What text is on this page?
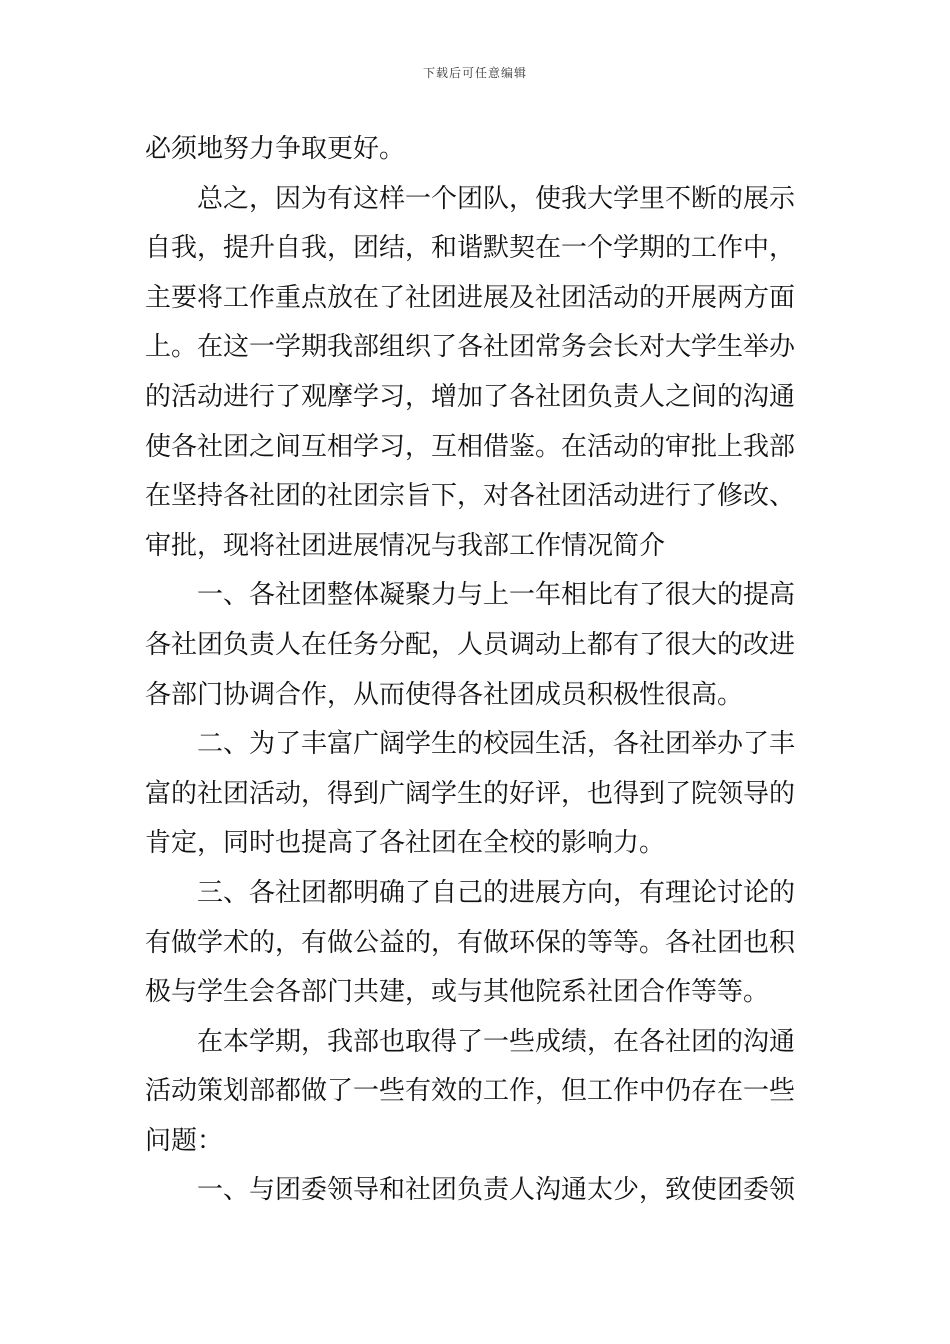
下载后可任意编辑

必须地努力争取更好。

总之，因为有这样一个团队，使我大学里不断的展示
自我，提升自我，团结，和谐默契在一个学期的工作中，
主要将工作重点放在了社团进展及社团活动的开展两方面
上。在这一学期我部组织了各社团常务会长对大学生举办
的活动进行了观摩学习，增加了各社团负责人之间的沟通
使各社团之间互相学习，互相借鉴。在活动的审批上我部
在坚持各社团的社团宗旨下，对各社团活动进行了修改、
审批，现将社团进展情况与我部工作情况简介

一、各社团整体凝聚力与上一年相比有了很大的提高
各社团负责人在任务分配，人员调动上都有了很大的改进
各部门协调合作，从而使得各社团成员积极性很高。

二、为了丰富广阔学生的校园生活，各社团举办了丰
富的社团活动，得到广阔学生的好评，也得到了院领导的
肯定，同时也提高了各社团在全校的影响力。

三、各社团都明确了自己的进展方向，有理论讨论的
有做学术的，有做公益的，有做环保的等等。各社团也积
极与学生会各部门共建，或与其他院系社团合作等等。

在本学期，我部也取得了一些成绩，在各社团的沟通
活动策划部都做了一些有效的工作，但工作中仍存在一些
问题：

一、与团委领导和社团负责人沟通太少，致使团委领
